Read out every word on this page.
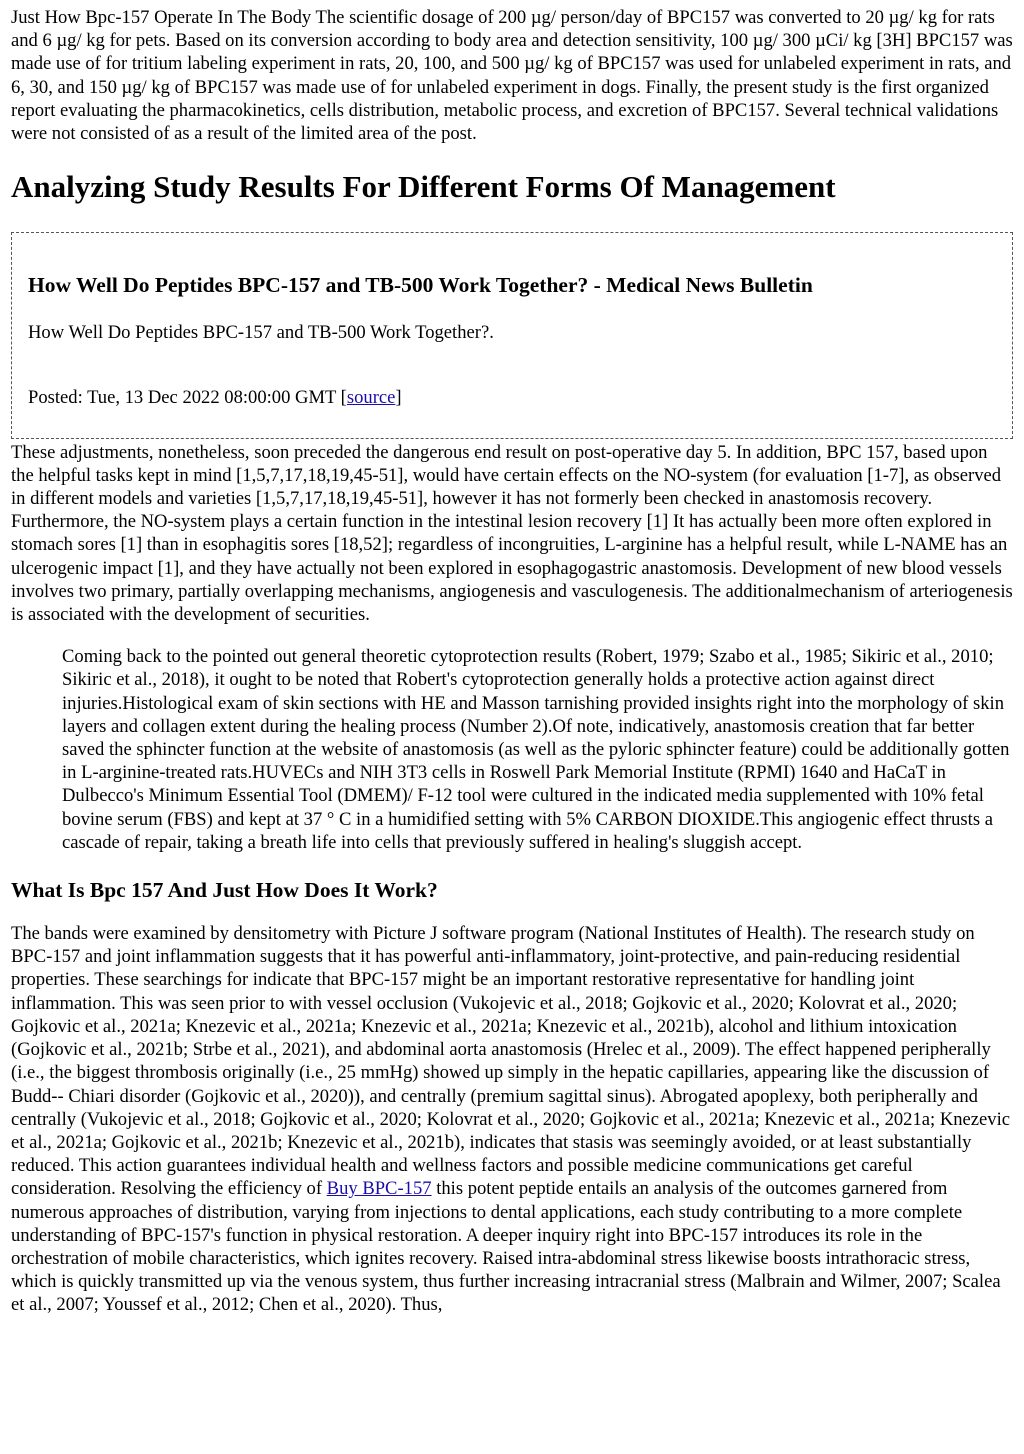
Just How Bpc-157 Operate In The Body The scientific dosage of 200 µg/ person/day of BPC157 was converted to 20 µg/ kg for rats and 6 µg/ kg for pets. Based on its conversion according to body area and detection sensitivity, 100 µg/ 300 µCi/ kg [3H] BPC157 was made use of for tritium labeling experiment in rats, 20, 100, and 500 µg/ kg of BPC157 was used for unlabeled experiment in rats, and 6, 30, and 150 µg/ kg of BPC157 was made use of for unlabeled experiment in dogs. Finally, the present study is the first organized report evaluating the pharmacokinetics, cells distribution, metabolic process, and excretion of BPC157. Several technical validations were not consisted of as a result of the limited area of the post.

Analyzing Study Results For Different Forms Of Management
How Well Do Peptides BPC-157 and TB-500 Work Together? - Medical News Bulletin

How Well Do Peptides BPC-157 and TB-500 Work Together?.

Posted: Tue, 13 Dec 2022 08:00:00 GMT [source]

These adjustments, nonetheless, soon preceded the dangerous end result on post-operative day 5. In addition, BPC 157, based upon the helpful tasks kept in mind [1,5,7,17,18,19,45-51], would have certain effects on the NO-system (for evaluation [1-7], as observed in different models and varieties [1,5,7,17,18,19,45-51], however it has not formerly been checked in anastomosis recovery. Furthermore, the NO-system plays a certain function in the intestinal lesion recovery [1] It has actually been more often explored in stomach sores [1] than in esophagitis sores [18,52]; regardless of incongruities, L-arginine has a helpful result, while L-NAME has an ulcerogenic impact [1], and they have actually not been explored in esophagogastric anastomosis. Development of new blood vessels involves two primary, partially overlapping mechanisms, angiogenesis and vasculogenesis. The additionalmechanism of arteriogenesis is associated with the development of securities.

Coming back to the pointed out general theoretic cytoprotection results (Robert, 1979; Szabo et al., 1985; Sikiric et al., 2010; Sikiric et al., 2018), it ought to be noted that Robert's cytoprotection generally holds a protective action against direct injuries.Histological exam of skin sections with HE and Masson tarnishing provided insights right into the morphology of skin layers and collagen extent during the healing process (Number 2).Of note, indicatively, anastomosis creation that far better saved the sphincter function at the website of anastomosis (as well as the pyloric sphincter feature) could be additionally gotten in L-arginine-treated rats.HUVECs and NIH 3T3 cells in Roswell Park Memorial Institute (RPMI) 1640 and HaCaT in Dulbecco's Minimum Essential Tool (DMEM)/ F-12 tool were cultured in the indicated media supplemented with 10% fetal bovine serum (FBS) and kept at 37 ° C in a humidified setting with 5% CARBON DIOXIDE.This angiogenic effect thrusts a cascade of repair, taking a breath life into cells that previously suffered in healing's sluggish accept.
What Is Bpc 157 And Just How Does It Work?

The bands were examined by densitometry with Picture J software program (National Institutes of Health). The research study on BPC-157 and joint inflammation suggests that it has powerful anti-inflammatory, joint-protective, and pain-reducing residential properties. These searchings for indicate that BPC-157 might be an important restorative representative for handling joint inflammation. This was seen prior to with vessel occlusion (Vukojevic et al., 2018; Gojkovic et al., 2020; Kolovrat et al., 2020; Gojkovic et al., 2021a; Knezevic et al., 2021a; Knezevic et al., 2021a; Knezevic et al., 2021b), alcohol and lithium intoxication (Gojkovic et al., 2021b; Strbe et al., 2021), and abdominal aorta anastomosis (Hrelec et al., 2009). The effect happened peripherally (i.e., the biggest thrombosis originally (i.e., 25 mmHg) showed up simply in the hepatic capillaries, appearing like the discussion of Budd-- Chiari disorder (Gojkovic et al., 2020)), and centrally (premium sagittal sinus). Abrogated apoplexy, both peripherally and centrally (Vukojevic et al., 2018; Gojkovic et al., 2020; Kolovrat et al., 2020; Gojkovic et al., 2021a; Knezevic et al., 2021a; Knezevic et al., 2021a; Gojkovic et al., 2021b; Knezevic et al., 2021b), indicates that stasis was seemingly avoided, or at least substantially reduced. This action guarantees individual health and wellness factors and possible medicine communications get careful consideration. Resolving the efficiency of Buy BPC-157 this potent peptide entails an analysis of the outcomes garnered from numerous approaches of distribution, varying from injections to dental applications, each study contributing to a more complete understanding of BPC-157's function in physical restoration. A deeper inquiry right into BPC-157 introduces its role in the orchestration of mobile characteristics, which ignites recovery. Raised intra-abdominal stress likewise boosts intrathoracic stress, which is quickly transmitted up via the venous system, thus further increasing intracranial stress (Malbrain and Wilmer, 2007; Scalea et al., 2007; Youssef et al., 2012; Chen et al., 2020). Thus,
